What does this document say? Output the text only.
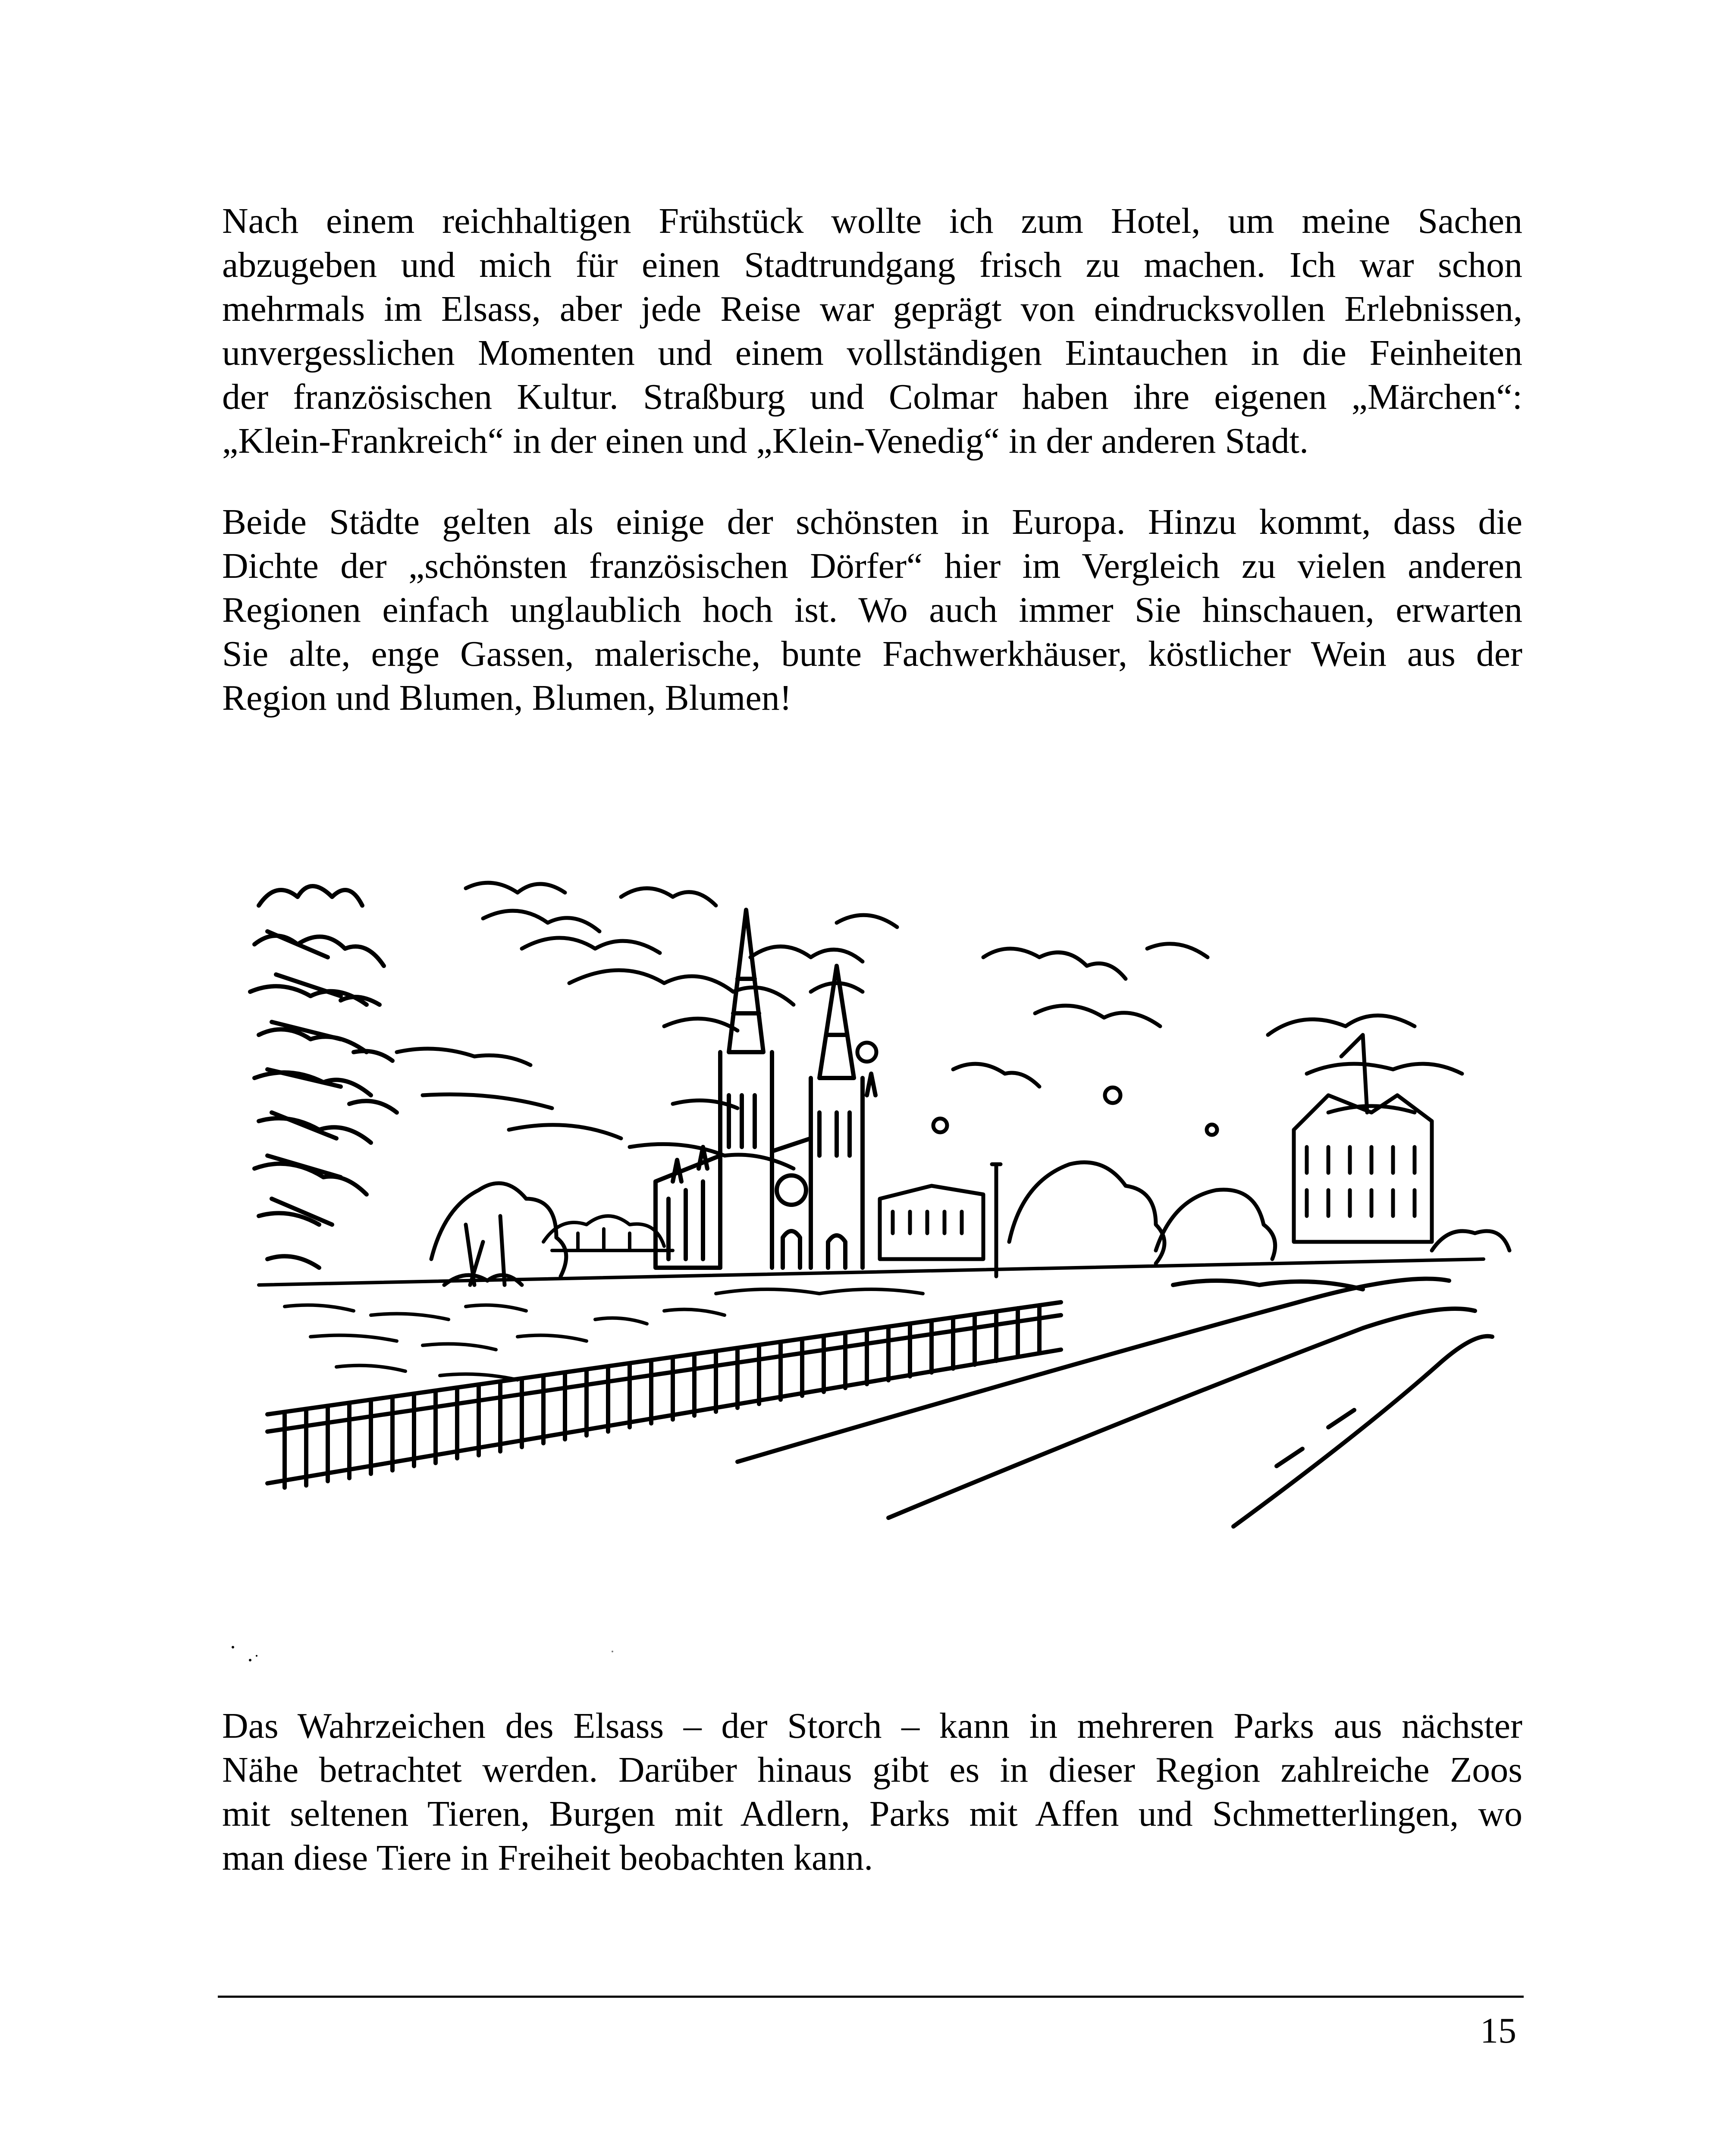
Nach einem reichhaltigen Frühstück wollte ich zum Hotel, um meine Sachen
abzugeben und mich für einen Stadtrundgang frisch zu machen. Ich war schon
mehrmals im Elsass, aber jede Reise war geprägt von eindrucksvollen Erlebnissen,
unvergesslichen Momenten und einem vollständigen Eintauchen in die Feinheiten
der französischen Kultur. Straßburg und Colmar haben ihre eigenen „Märchen“:
„Klein-Frankreich“ in der einen und „Klein-Venedig“ in der anderen Stadt.
Beide Städte gelten als einige der schönsten in Europa. Hinzu kommt, dass die
Dichte der „schönsten französischen Dörfer“ hier im Vergleich zu vielen anderen
Regionen einfach unglaublich hoch ist. Wo auch immer Sie hinschauen, erwarten
Sie alte, enge Gassen, malerische, bunte Fachwerkhäuser, köstlicher Wein aus der
Region und Blumen, Blumen, Blumen!
Das Wahrzeichen des Elsass – der Storch – kann in mehreren Parks aus nächster
Nähe betrachtet werden. Darüber hinaus gibt es in dieser Region zahlreiche Zoos
mit seltenen Tieren, Burgen mit Adlern, Parks mit Affen und Schmetterlingen, wo
man diese Tiere in Freiheit beobachten kann.
15
